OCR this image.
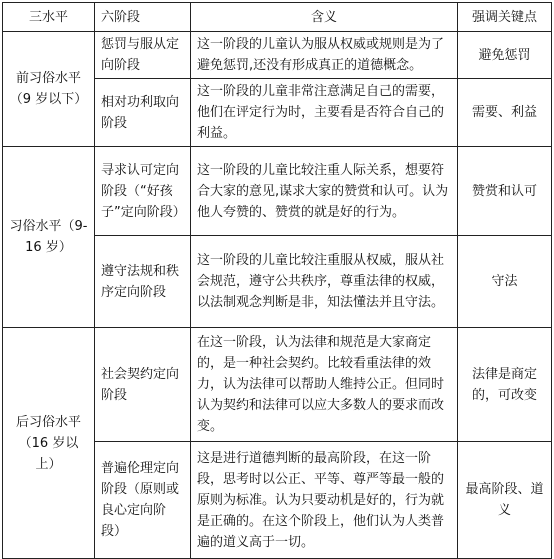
三水平	六阶段	含义	强调关键点
前习俗水平（9 岁以下）	惩罚与服从定向阶段	这一阶段的儿童认为服从权威或规则是为了避免惩罚,还没有形成真正的道德概念。	避免惩罚
	相对功利取向阶段	这一阶段的儿童非常注意满足自己的需要，他们在评定行为时，主要看是否符合自己的利益。	需要、利益
习俗水平（9-16 岁）	寻求认可定向阶段（“好孩子”定向阶段）	这一阶段的儿童比较注重人际关系，想要符合大家的意见,谋求大家的赞赏和认可。认为他人夸赞的、赞赏的就是好的行为。	赞赏和认可
	遵守法规和秩序定向阶段	这一阶段的儿童比较注重服从权威，服从社会规范，遵守公共秩序，尊重法律的权威，以法制观念判断是非，知法懂法并且守法。	守法
后习俗水平（16 岁以上）	社会契约定向阶段	在这一阶段，认为法律和规范是大家商定的，是一种社会契约。比较看重法律的效力，认为法律可以帮助人维持公正。但同时认为契约和法律可以应大多数人的要求而改变。	法律是商定的，可改变
	普遍伦理定向阶段（原则或良心定向阶段）	这是进行道德判断的最高阶段，在这一阶段，思考时以公正、平等、尊严等最一般的原则为标准。认为只要动机是好的，行为就是正确的。在这个阶段上，他们认为人类普遍的道义高于一切。	最高阶段、道义
